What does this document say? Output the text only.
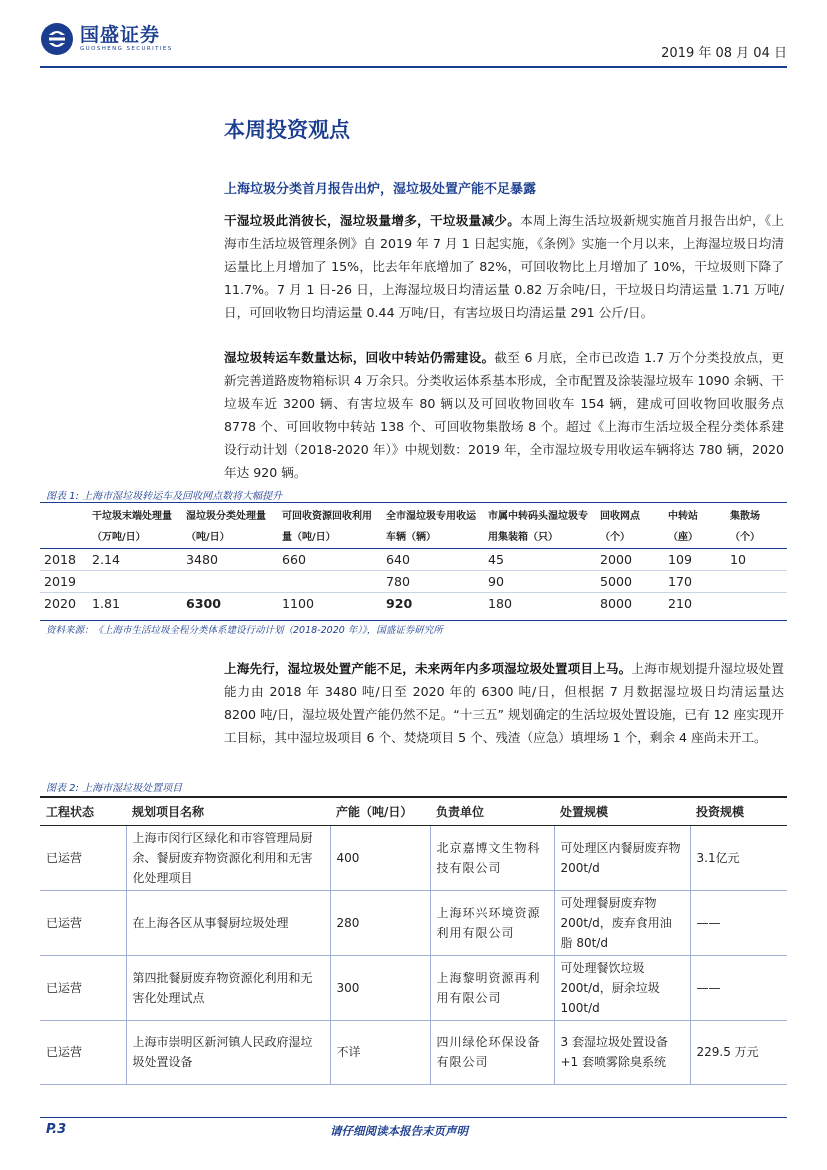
国盛证券
GUOSHENG SECURITIES	2019 年 08 月 04 日
本周投资观点
上海垃圾分类首月报告出炉，湿垃圾处置产能不足暴露
干湿垃圾此消彼长，湿垃圾量增多，干垃圾量减少。本周上海生活垃圾新规实施首月报告出炉，《上海市生活垃圾管理条例》自 2019 年 7 月 1 日起实施，《条例》实施一个月以来，上海湿垃圾日均清运量比上月增加了 15%，比去年年底增加了 82%，可回收物比上月增加了 10%，干垃圾则下降了 11.7%。7 月 1 日-26 日，上海湿垃圾日均清运量 0.82 万余吨/日，干垃圾日均清运量 1.71 万吨/日，可回收物日均清运量 0.44 万吨/日，有害垃圾日均清运量 291 公斤/日。
湿垃圾转运车数量达标，回收中转站仍需建设。截至 6 月底，全市已改造 1.7 万个分类投放点，更新完善道路废物箱标识 4 万余只。分类收运体系基本形成，全市配置及涂装湿垃圾车 1090 余辆、干垃圾车近 3200 辆、有害垃圾车 80 辆以及可回收物回收车 154 辆，建成可回收物回收服务点 8778 个、可回收物中转站 138 个、可回收物集散场 8 个。超过《上海市生活垃圾全程分类体系建设行动计划（2018-2020 年）》中规划数：2019 年，全市湿垃圾专用收运车辆将达 780 辆，2020 年达 920 辆。
图表 1: 上海市湿垃圾转运车及回收网点数将大幅提升
	干垃圾末端处理量（万吨/日）	湿垃圾分类处理量（吨/日）	可回收资源回收利用量（吨/日）	全市湿垃圾专用收运车辆（辆）	市属中转码头湿垃圾专用集装箱（只）	回收网点（个）	中转站（座）	集散场（个）
2018	2.14	3480	660	640	45	2000	109	10
2019				780	90	5000	170	
2020	1.81	6300	1100	920	180	8000	210	
资料来源：《上海市生活垃圾全程分类体系建设行动计划（2018-2020 年）》，国盛证券研究所
上海先行，湿垃圾处置产能不足，未来两年内多项湿垃圾处置项目上马。上海市规划提升湿垃圾处置能力由 2018 年 3480 吨/日至 2020 年的 6300 吨/日，但根据 7 月数据湿垃圾日均清运量达 8200 吨/日，湿垃圾处置产能仍然不足。“十三五” 规划确定的生活垃圾处置设施，已有 12 座实现开工目标，其中湿垃圾项目 6 个、焚烧项目 5 个、残渣（应急）填埋场 1 个，剩余 4 座尚未开工。
图表 2: 上海市湿垃圾处置项目
工程状态	规划项目名称	产能（吨/日）	负责单位	处置规模	投资规模
已运营	上海市闵行区绿化和市容管理局厨余、餐厨废弃物资源化利用和无害化处理项目	400	北京嘉博文生物科技有限公司	可处理区内餐厨废弃物 200t/d	3.1亿元
已运营	在上海各区从事餐厨垃圾处理	280	上海环兴环境资源利用有限公司	可处理餐厨废弃物 200t/d，废弃食用油脂 80t/d	——
已运营	第四批餐厨废弃物资源化利用和无害化处理试点	300	上海黎明资源再利用有限公司	可处理餐饮垃圾 200t/d，厨余垃圾 100t/d	——
已运营	上海市崇明区新河镇人民政府湿垃圾处置设备	不详	四川绿伦环保设备有限公司	3 套湿垃圾处置设备+1 套喷雾除臭系统	229.5 万元
P.3	请仔细阅读本报告末页声明
